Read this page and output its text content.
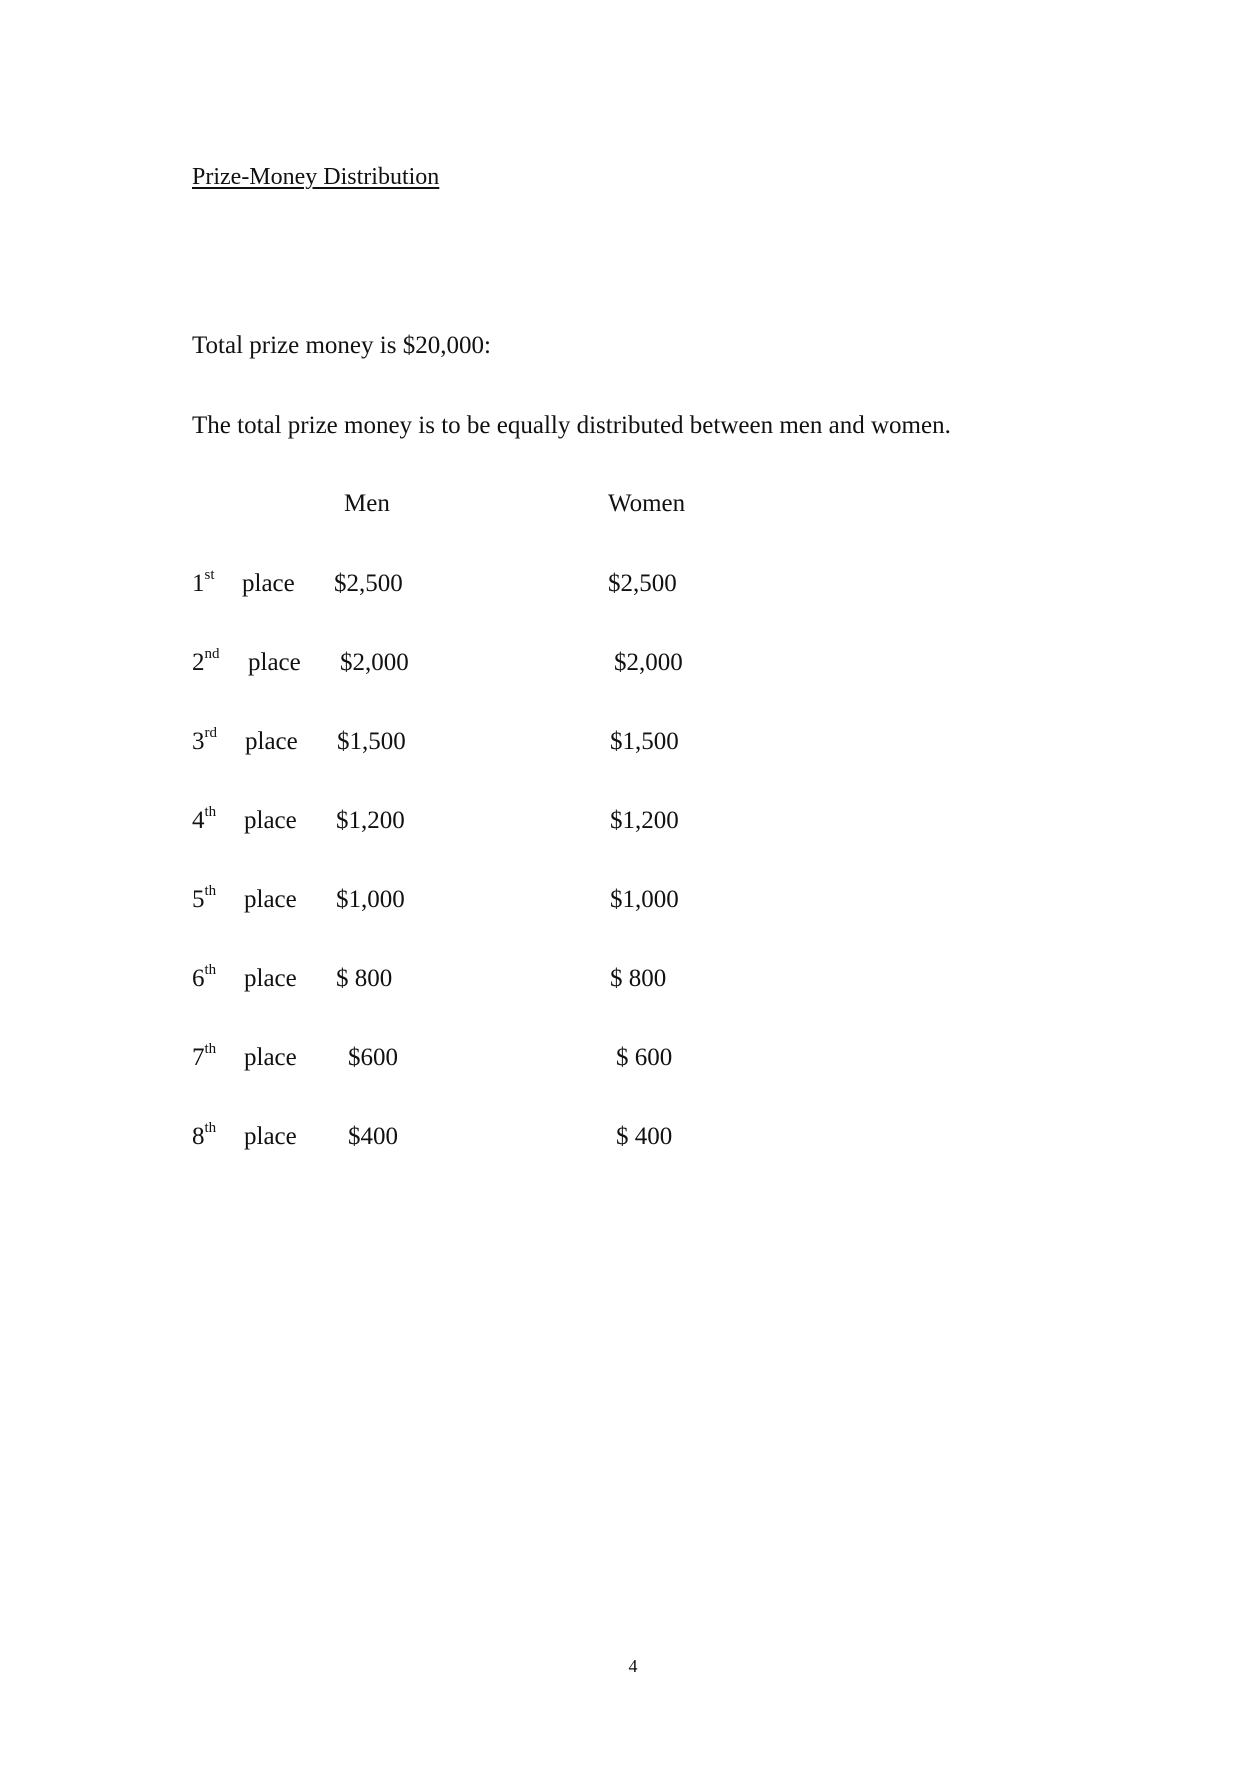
Prize-Money Distribution
Total prize money is $20,000:
The total prize money is to be equally distributed between men and women.
Men	Women
1st place $2,500	$2,500
2nd place $2,000	$2,000
3rd place $1,500	$1,500
4th place $1,200	$1,200
5th place $1,000	$1,000
6th place $ 800	$ 800
7th place $600	$ 600
8th place $400	$ 400
4
